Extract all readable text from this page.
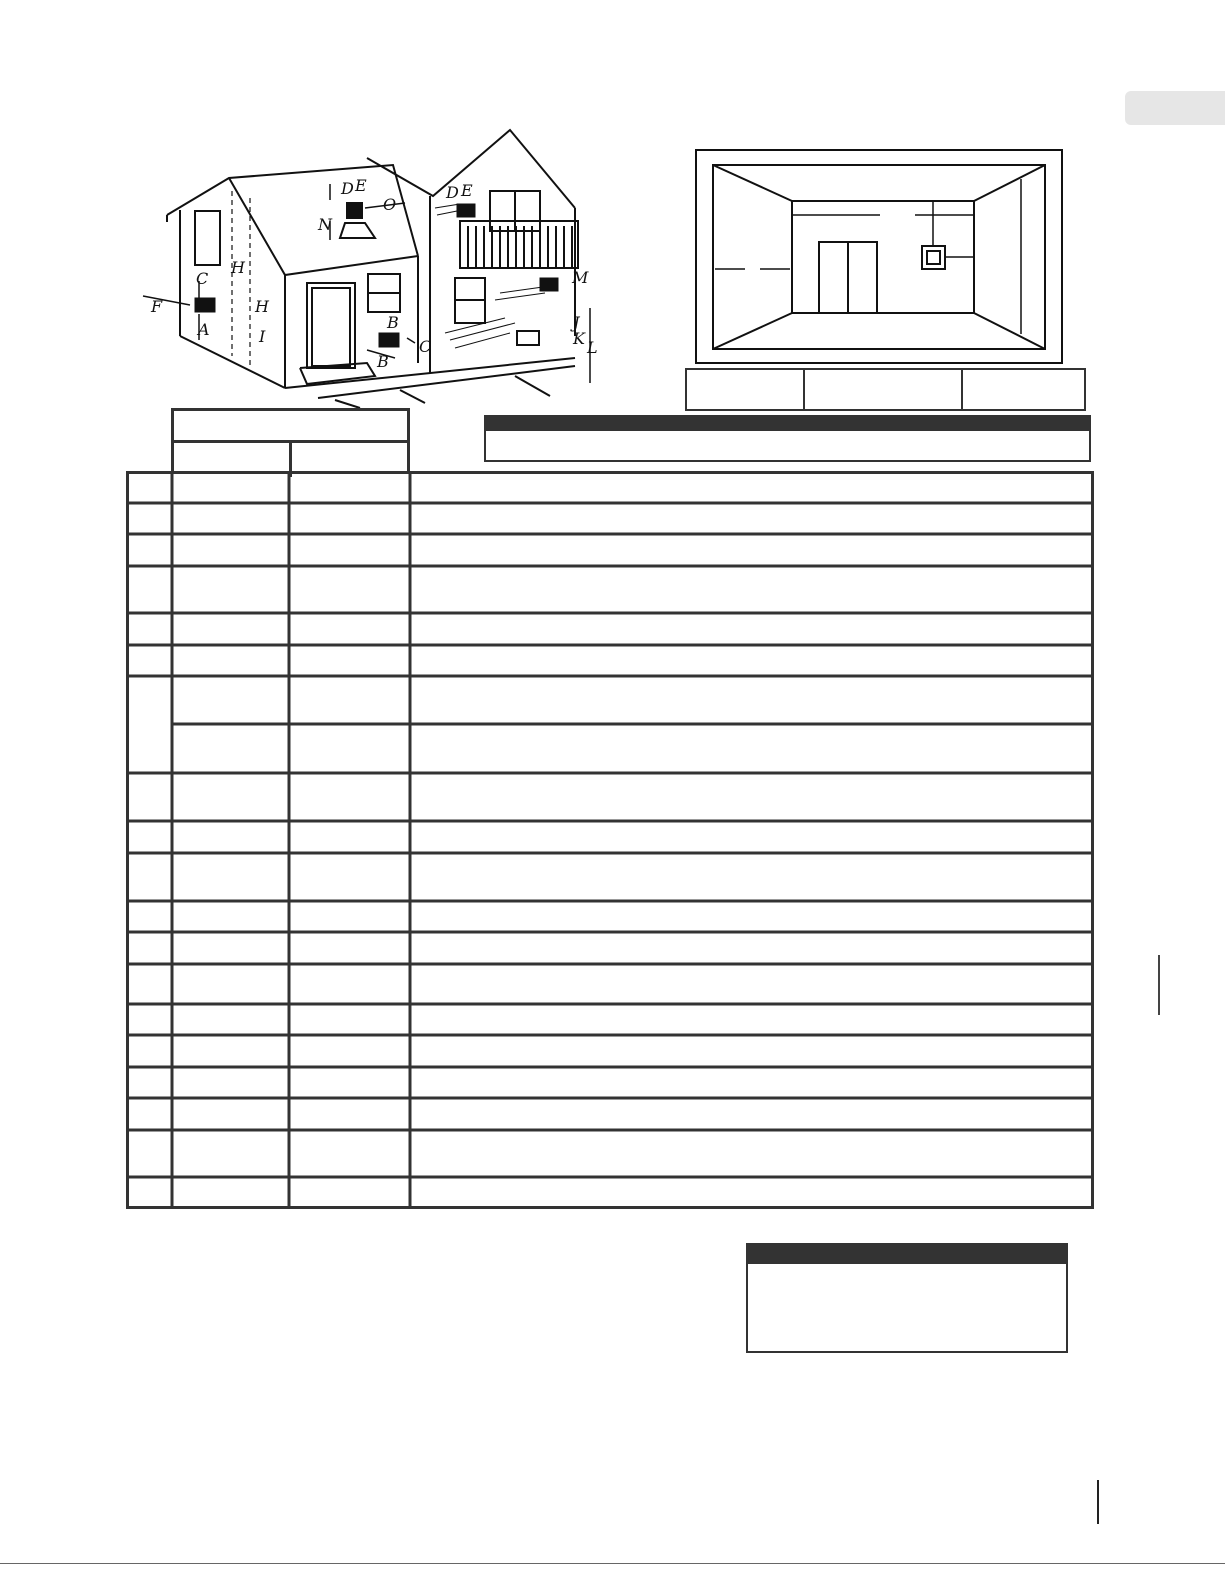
A	B
B
C
C
D E	D E
F
H
H
I
J
K L
M
N
O
